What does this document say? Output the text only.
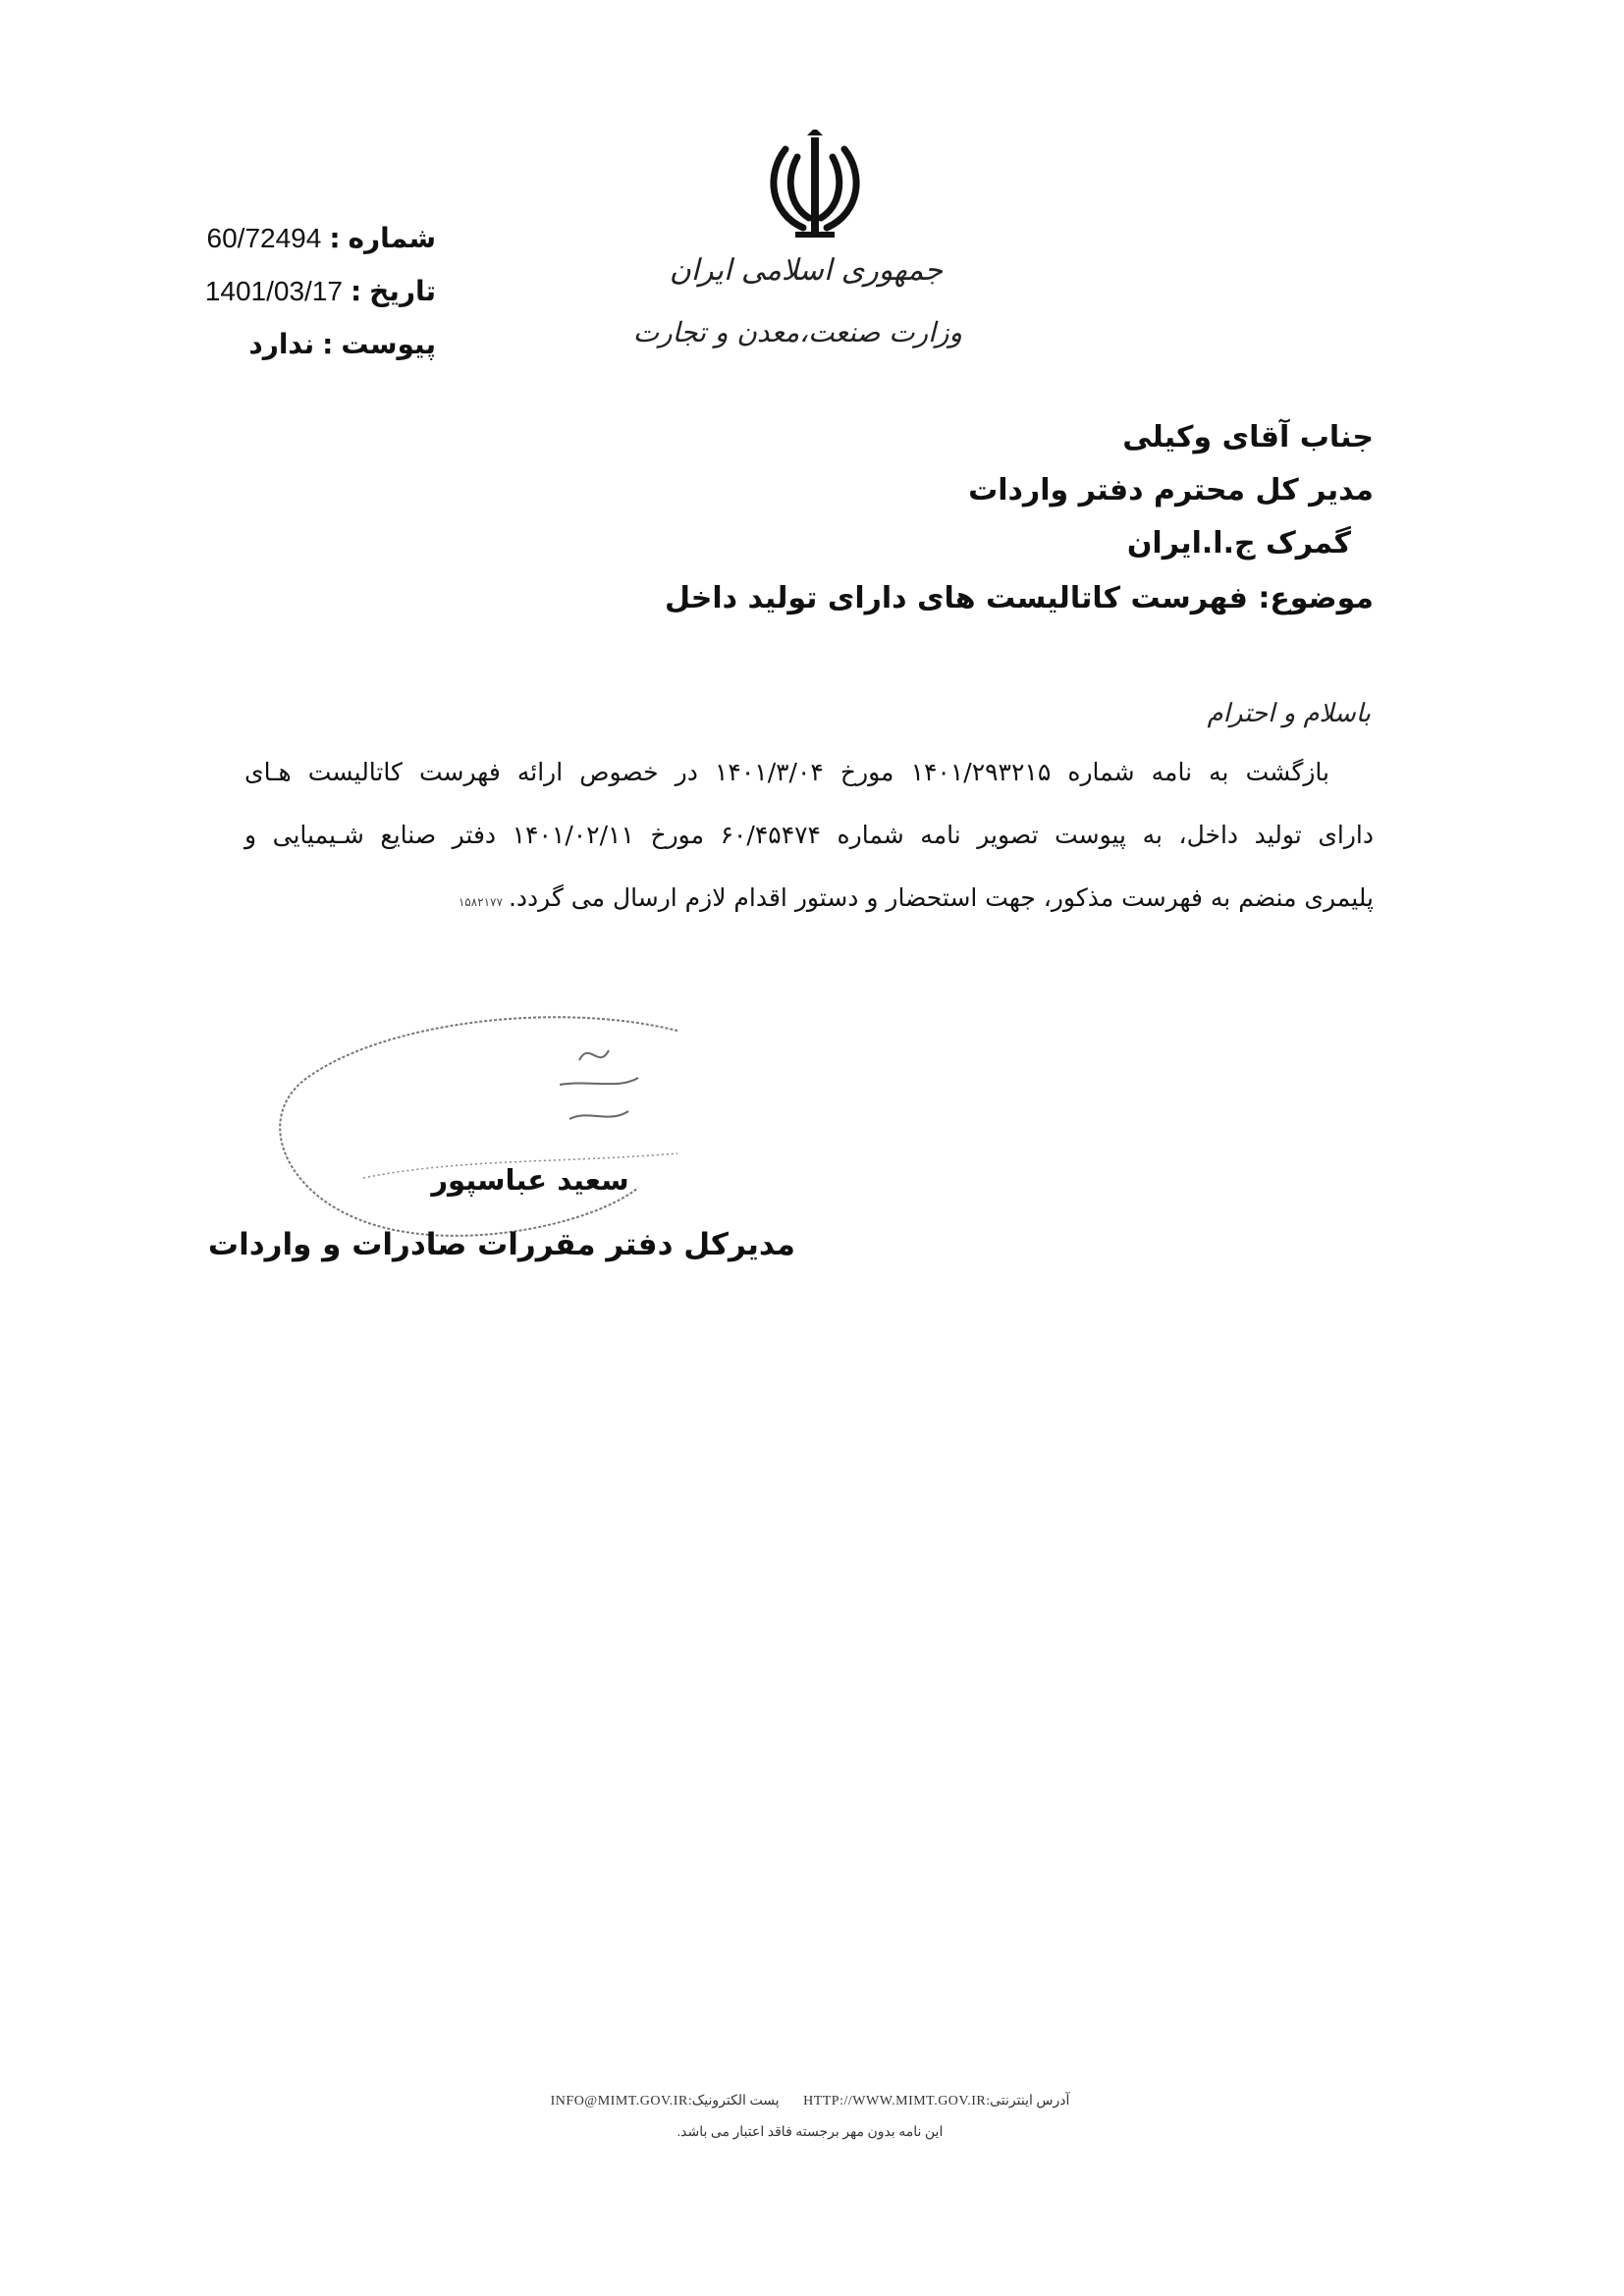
جمهوری اسلامی ایران
وزارت صنعت،معدن و تجارت
شماره:60/72494
تاریخ:1401/03/17
پیوست:ندارد
جناب آقای وکیلی
مدیر کل محترم دفتر واردات
گمرک ج.ا.ایران
موضوع: فهرست کاتالیست های دارای تولید داخل
باسلام و احترام
بازگشت به نامه شماره ۱۴۰۱/۲۹۳۲۱۵ مورخ ۱۴۰۱/۳/۰۴ در خصوص ارائه فهرست کاتالیست هـای
دارای تولید داخل، به پیوست تصویر نامه شماره ۶۰/۴۵۴۷۴ مورخ ۱۴۰۱/۰۲/۱۱ دفتر صنایع شـیمیایی و
پلیمری منضم به فهرست مذکور، جهت استحضار و دستور اقدام لازم ارسال می گردد.۱۵۸۲۱۷۷
سعید عباسپور
مدیرکل دفتر مقررات صادرات و واردات
آدرس اینترنتی:HTTP://WWW.MIMT.GOV.IR       پست الکترونیک:INFO@MIMT.GOV.IR
این نامه بدون مهر برجسته فاقد اعتبار می باشد.
